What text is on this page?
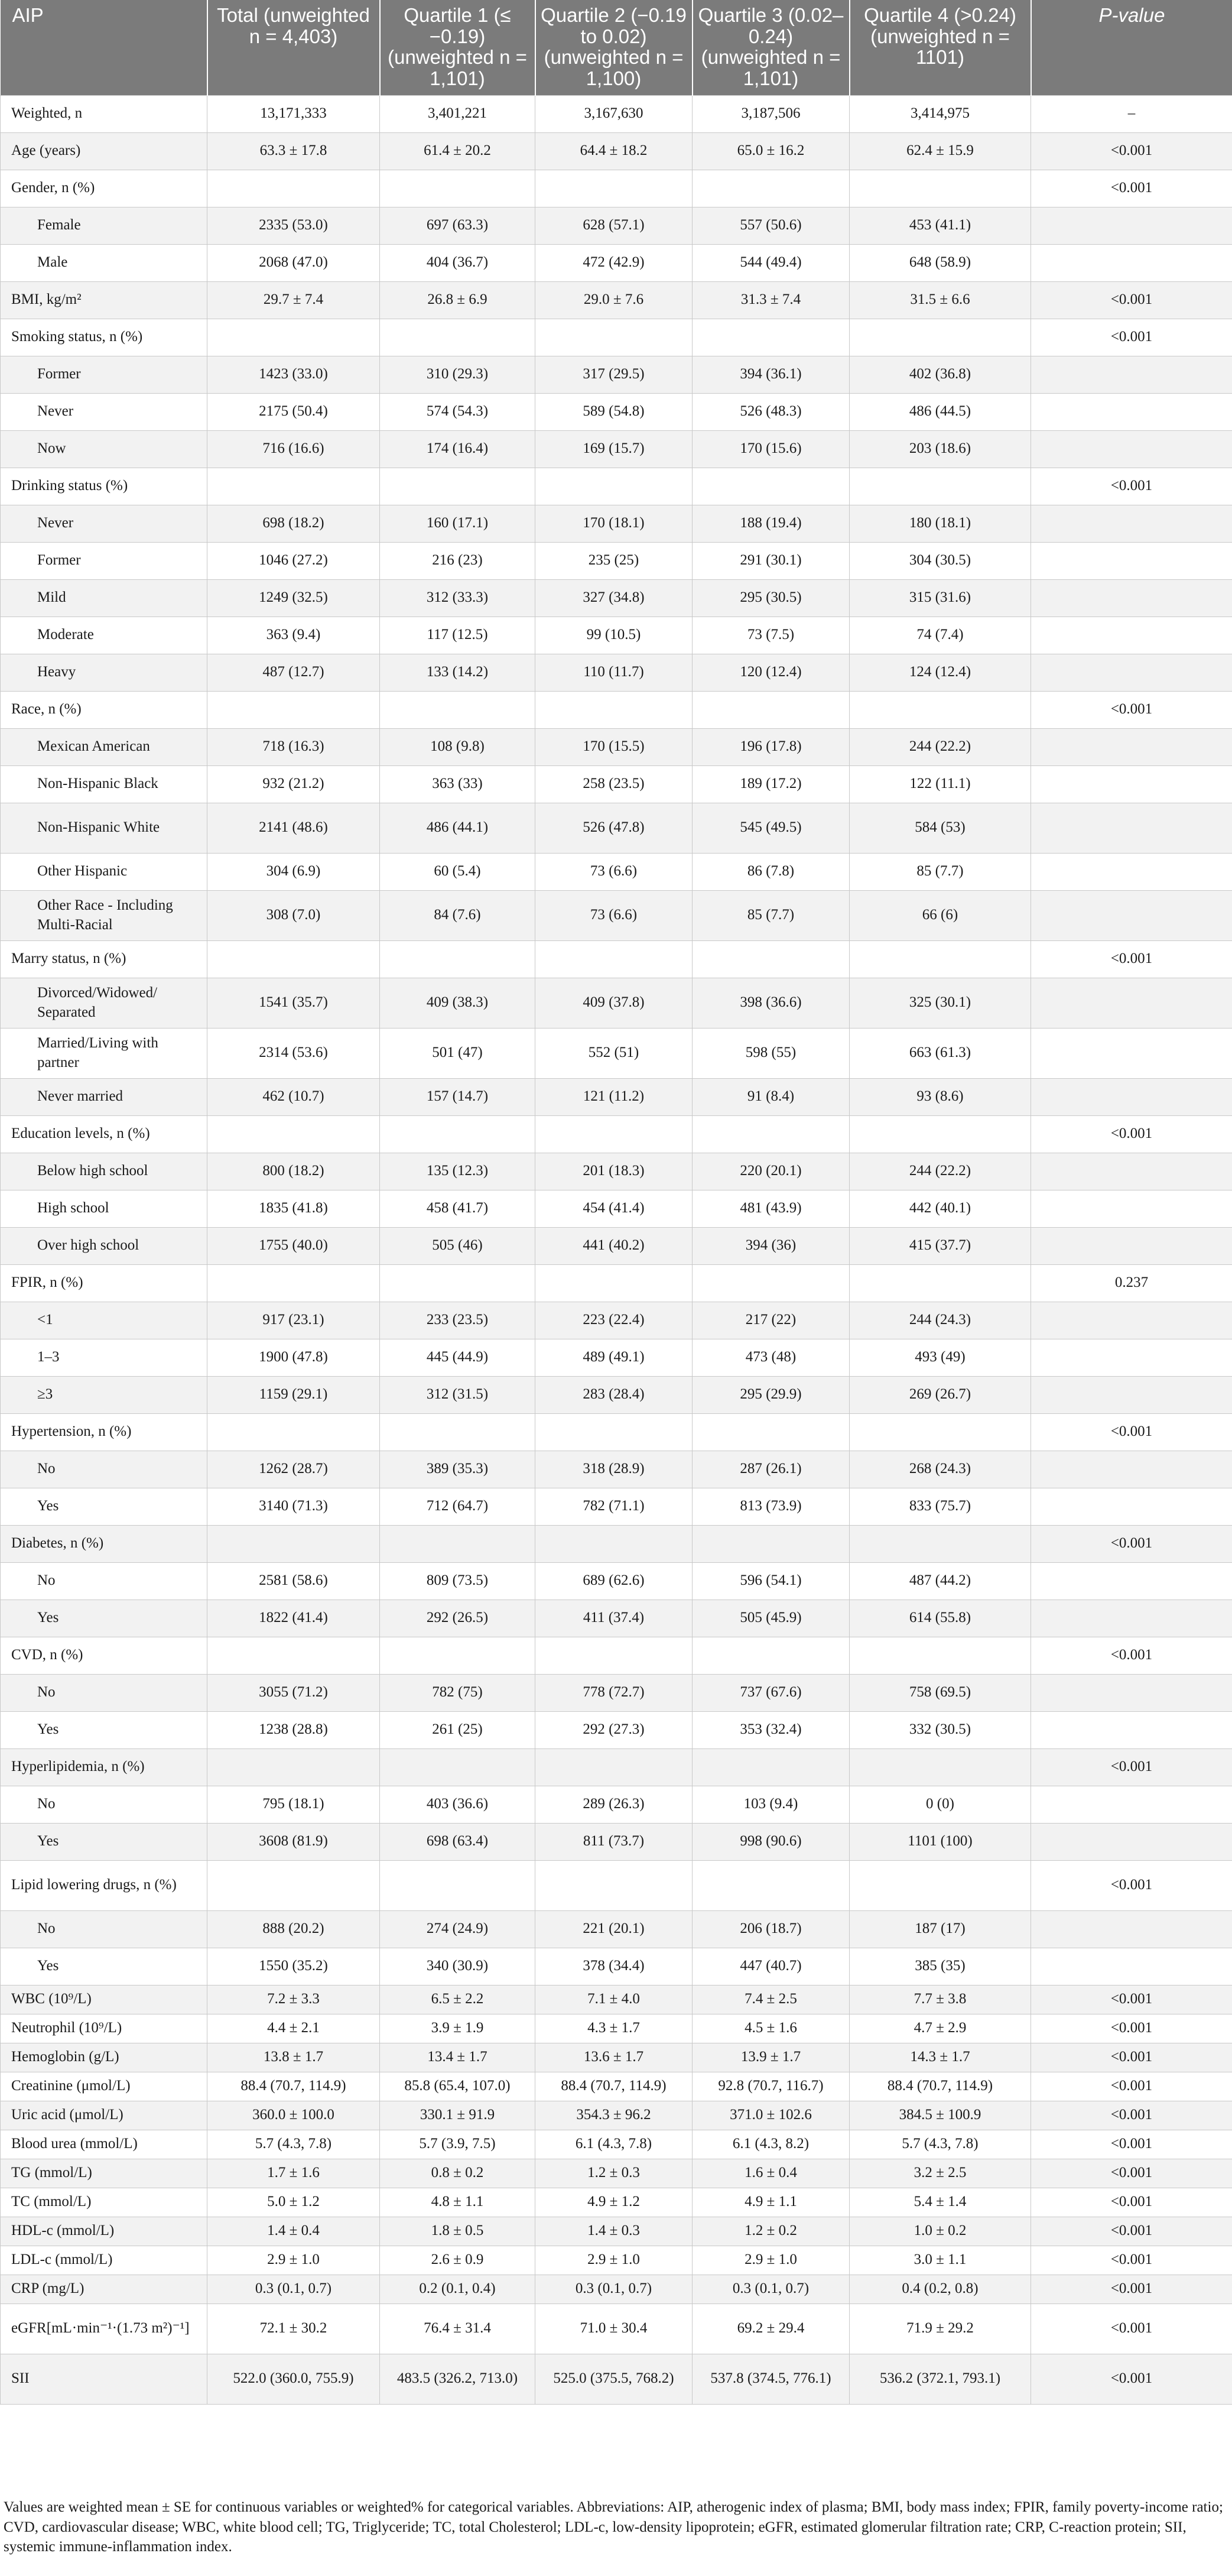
AIP	Total (unweighted n = 4,403)	Quartile 1 (≤ −0.19) (unweighted n = 1,101)	Quartile 2 (−0.19 to 0.02) (unweighted n = 1,100)	Quartile 3 (0.02–0.24) (unweighted n = 1,101)	Quartile 4 (>0.24) (unweighted n = 1101)	P-value
Weighted, n	13,171,333	3,401,221	3,167,630	3,187,506	3,414,975	–
Age (years)	63.3 ± 17.8	61.4 ± 20.2	64.4 ± 18.2	65.0 ± 16.2	62.4 ± 15.9	<0.001
Gender, n (%)						<0.001
Female	2335 (53.0)	697 (63.3)	628 (57.1)	557 (50.6)	453 (41.1)	
Male	2068 (47.0)	404 (36.7)	472 (42.9)	544 (49.4)	648 (58.9)	
BMI, kg/m²	29.7 ± 7.4	26.8 ± 6.9	29.0 ± 7.6	31.3 ± 7.4	31.5 ± 6.6	<0.001
Smoking status, n (%)						<0.001
Former	1423 (33.0)	310 (29.3)	317 (29.5)	394 (36.1)	402 (36.8)	
Never	2175 (50.4)	574 (54.3)	589 (54.8)	526 (48.3)	486 (44.5)	
Now	716 (16.6)	174 (16.4)	169 (15.7)	170 (15.6)	203 (18.6)	
Drinking status (%)						<0.001
Never	698 (18.2)	160 (17.1)	170 (18.1)	188 (19.4)	180 (18.1)	
Former	1046 (27.2)	216 (23)	235 (25)	291 (30.1)	304 (30.5)	
Mild	1249 (32.5)	312 (33.3)	327 (34.8)	295 (30.5)	315 (31.6)	
Moderate	363 (9.4)	117 (12.5)	99 (10.5)	73 (7.5)	74 (7.4)	
Heavy	487 (12.7)	133 (14.2)	110 (11.7)	120 (12.4)	124 (12.4)	
Race, n (%)						<0.001
Mexican American	718 (16.3)	108 (9.8)	170 (15.5)	196 (17.8)	244 (22.2)	
Non-Hispanic Black	932 (21.2)	363 (33)	258 (23.5)	189 (17.2)	122 (11.1)	
Non-Hispanic White	2141 (48.6)	486 (44.1)	526 (47.8)	545 (49.5)	584 (53)	
Other Hispanic	304 (6.9)	60 (5.4)	73 (6.6)	86 (7.8)	85 (7.7)	
Other Race - Including Multi-Racial	308 (7.0)	84 (7.6)	73 (6.6)	85 (7.7)	66 (6)	
Marry status, n (%)						<0.001
Divorced/Widowed/ Separated	1541 (35.7)	409 (38.3)	409 (37.8)	398 (36.6)	325 (30.1)	
Married/Living with partner	2314 (53.6)	501 (47)	552 (51)	598 (55)	663 (61.3)	
Never married	462 (10.7)	157 (14.7)	121 (11.2)	91 (8.4)	93 (8.6)	
Education levels, n (%)						<0.001
Below high school	800 (18.2)	135 (12.3)	201 (18.3)	220 (20.1)	244 (22.2)	
High school	1835 (41.8)	458 (41.7)	454 (41.4)	481 (43.9)	442 (40.1)	
Over high school	1755 (40.0)	505 (46)	441 (40.2)	394 (36)	415 (37.7)	
FPIR, n (%)						0.237
<1	917 (23.1)	233 (23.5)	223 (22.4)	217 (22)	244 (24.3)	
1–3	1900 (47.8)	445 (44.9)	489 (49.1)	473 (48)	493 (49)	
≥3	1159 (29.1)	312 (31.5)	283 (28.4)	295 (29.9)	269 (26.7)	
Hypertension, n (%)						<0.001
No	1262 (28.7)	389 (35.3)	318 (28.9)	287 (26.1)	268 (24.3)	
Yes	3140 (71.3)	712 (64.7)	782 (71.1)	813 (73.9)	833 (75.7)	
Diabetes, n (%)						<0.001
No	2581 (58.6)	809 (73.5)	689 (62.6)	596 (54.1)	487 (44.2)	
Yes	1822 (41.4)	292 (26.5)	411 (37.4)	505 (45.9)	614 (55.8)	
CVD, n (%)						<0.001
No	3055 (71.2)	782 (75)	778 (72.7)	737 (67.6)	758 (69.5)	
Yes	1238 (28.8)	261 (25)	292 (27.3)	353 (32.4)	332 (30.5)	
Hyperlipidemia, n (%)						<0.001
No	795 (18.1)	403 (36.6)	289 (26.3)	103 (9.4)	0 (0)	
Yes	3608 (81.9)	698 (63.4)	811 (73.7)	998 (90.6)	1101 (100)	
Lipid lowering drugs, n (%)						<0.001
No	888 (20.2)	274 (24.9)	221 (20.1)	206 (18.7)	187 (17)	
Yes	1550 (35.2)	340 (30.9)	378 (34.4)	447 (40.7)	385 (35)	
WBC (10⁹/L)	7.2 ± 3.3	6.5 ± 2.2	7.1 ± 4.0	7.4 ± 2.5	7.7 ± 3.8	<0.001
Neutrophil (10⁹/L)	4.4 ± 2.1	3.9 ± 1.9	4.3 ± 1.7	4.5 ± 1.6	4.7 ± 2.9	<0.001
Hemoglobin (g/L)	13.8 ± 1.7	13.4 ± 1.7	13.6 ± 1.7	13.9 ± 1.7	14.3 ± 1.7	<0.001
Creatinine (μmol/L)	88.4 (70.7, 114.9)	85.8 (65.4, 107.0)	88.4 (70.7, 114.9)	92.8 (70.7, 116.7)	88.4 (70.7, 114.9)	<0.001
Uric acid (μmol/L)	360.0 ± 100.0	330.1 ± 91.9	354.3 ± 96.2	371.0 ± 102.6	384.5 ± 100.9	<0.001
Blood urea (mmol/L)	5.7 (4.3, 7.8)	5.7 (3.9, 7.5)	6.1 (4.3, 7.8)	6.1 (4.3, 8.2)	5.7 (4.3, 7.8)	<0.001
TG (mmol/L)	1.7 ± 1.6	0.8 ± 0.2	1.2 ± 0.3	1.6 ± 0.4	3.2 ± 2.5	<0.001
TC (mmol/L)	5.0 ± 1.2	4.8 ± 1.1	4.9 ± 1.2	4.9 ± 1.1	5.4 ± 1.4	<0.001
HDL-c (mmol/L)	1.4 ± 0.4	1.8 ± 0.5	1.4 ± 0.3	1.2 ± 0.2	1.0 ± 0.2	<0.001
LDL-c (mmol/L)	2.9 ± 1.0	2.6 ± 0.9	2.9 ± 1.0	2.9 ± 1.0	3.0 ± 1.1	<0.001
CRP (mg/L)	0.3 (0.1, 0.7)	0.2 (0.1, 0.4)	0.3 (0.1, 0.7)	0.3 (0.1, 0.7)	0.4 (0.2, 0.8)	<0.001
eGFR[mL·min⁻¹·(1.73 m²)⁻¹]	72.1 ± 30.2	76.4 ± 31.4	71.0 ± 30.4	69.2 ± 29.4	71.9 ± 29.2	<0.001
SII	522.0 (360.0, 755.9)	483.5 (326.2, 713.0)	525.0 (375.5, 768.2)	537.8 (374.5, 776.1)	536.2 (372.1, 793.1)	<0.001
Values are weighted mean ± SE for continuous variables or weighted% for categorical variables. Abbreviations: AIP, atherogenic index of plasma; BMI, body mass index; FPIR, family poverty-income ratio; CVD, cardiovascular disease; WBC, white blood cell; TG, Triglyceride; TC, total Cholesterol; LDL-c, low-density lipoprotein; eGFR, estimated glomerular filtration rate; CRP, C-reaction protein; SII, systemic immune-inflammation index.
